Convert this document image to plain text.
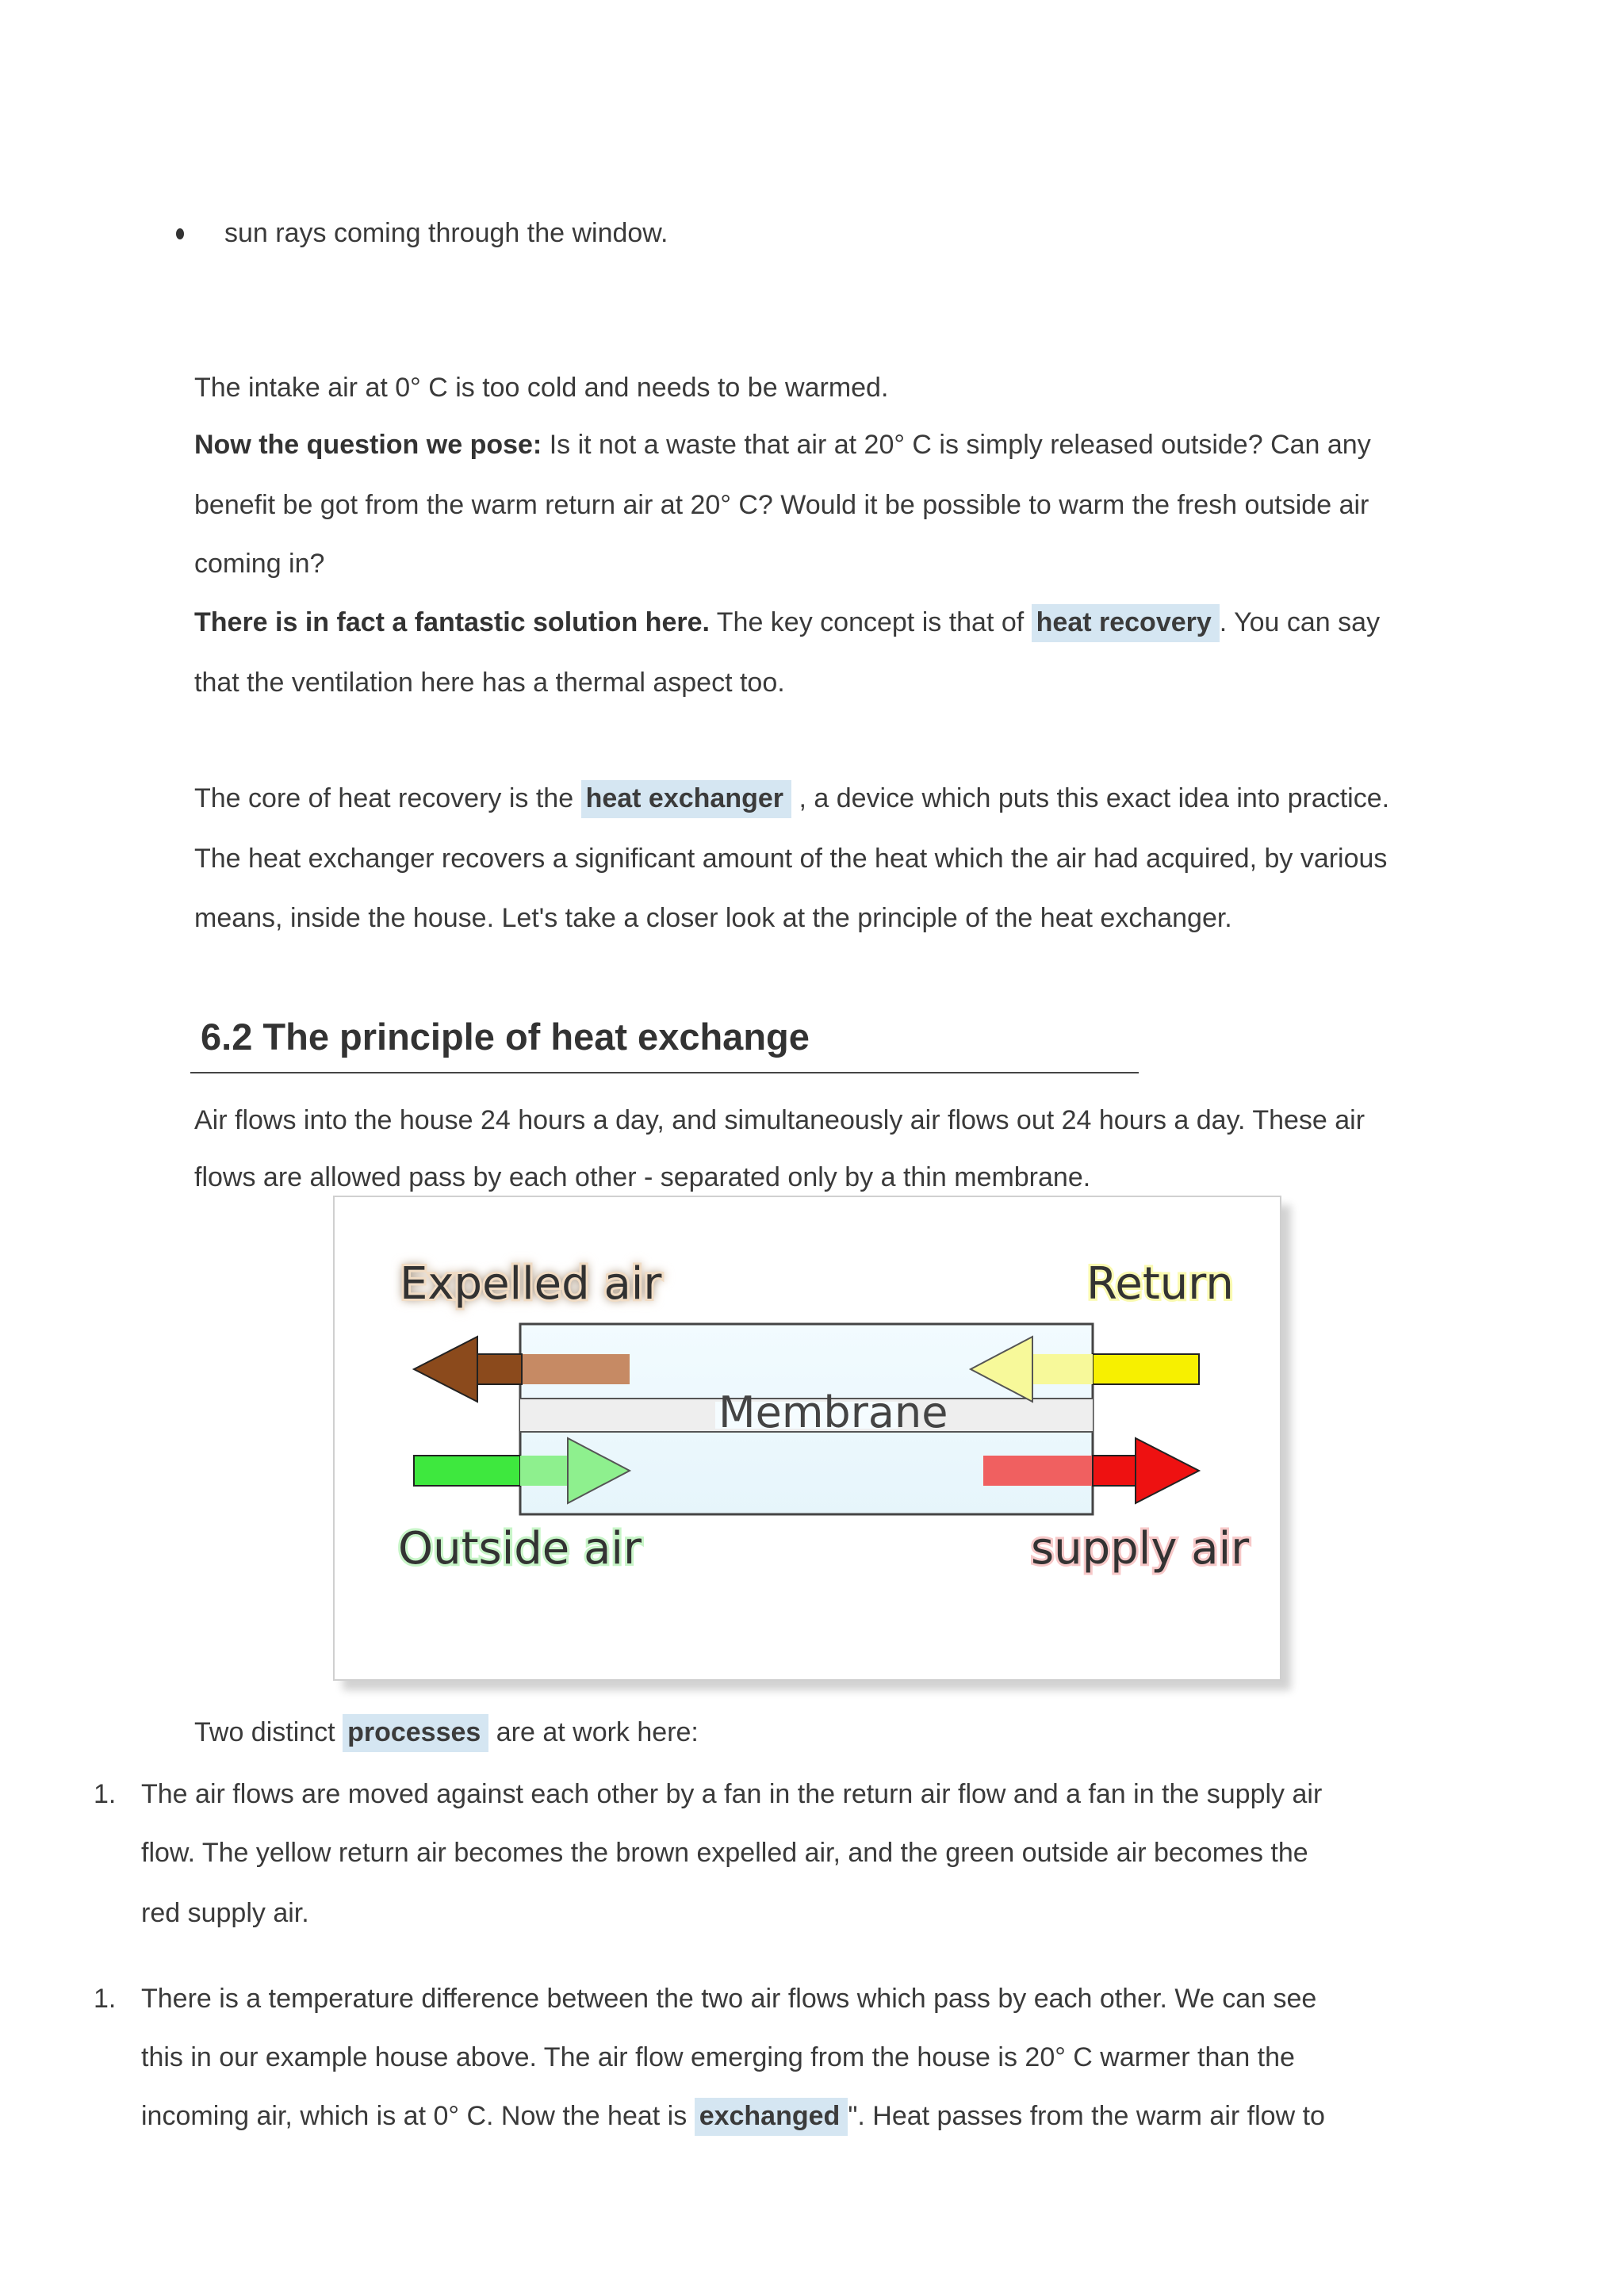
sun rays coming through the window.
The intake air at 0° C is too cold and needs to be warmed.
Now the question we pose: Is it not a waste that air at 20° C is simply released outside? Can any
benefit be got from the warm return air at 20° C? Would it be possible to warm the fresh outside air
coming in?
There is in fact a fantastic solution here. The key concept is that of heat recovery . You can say
that the ventilation here has a thermal aspect too.
The core of heat recovery is the heat exchanger , a device which puts this exact idea into practice.
The heat exchanger recovers a significant amount of the heat which the air had acquired, by various
means, inside the house. Let's take a closer look at the principle of the heat exchanger.
6.2 The principle of heat exchange
Air flows into the house 24 hours a day, and simultaneously air flows out 24 hours a day. These air
flows are allowed pass by each other - separated only by a thin membrane.
Expelled air	Return
Membrane
Outside air	supply air
Two distinct processes are at work here:
1. The air flows are moved against each other by a fan in the return air flow and a fan in the supply air
flow. The yellow return air becomes the brown expelled air, and the green outside air becomes the
red supply air.
1. There is a temperature difference between the two air flows which pass by each other. We can see
this in our example house above. The air flow emerging from the house is 20° C warmer than the
incoming air, which is at 0° C. Now the heat is exchanged ". Heat passes from the warm air flow to
